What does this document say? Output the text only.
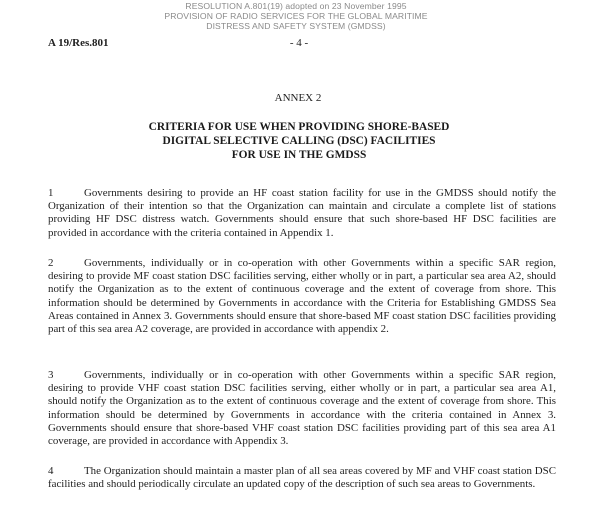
RESOLUTION A.801(19) adopted on 23 November 1995
PROVISION OF RADIO SERVICES FOR THE GLOBAL MARITIME
DISTRESS AND SAFETY SYSTEM (GMDSS)
A 19/Res.801	- 4 -
ANNEX 2
CRITERIA FOR USE WHEN PROVIDING SHORE-BASED
DIGITAL SELECTIVE CALLING (DSC) FACILITIES
FOR USE IN THE GMDSS
1	Governments desiring to provide an HF coast station facility for use in the GMDSS should notify the Organization of their intention so that the Organization can maintain and circulate a complete list of stations providing HF DSC distress watch. Governments should ensure that such shore-based HF DSC facilities are provided in accordance with the criteria contained in Appendix 1.
2	Governments, individually or in co-operation with other Governments within a specific SAR region, desiring to provide MF coast station DSC facilities serving, either wholly or in part, a particular sea area A2, should notify the Organization as to the extent of continuous coverage and the extent of coverage from shore. This information should be determined by Governments in accordance with the Criteria for Establishing GMDSS Sea Areas contained in Annex 3. Governments should ensure that shore-based MF coast station DSC facilities providing part of this sea area A2 coverage, are provided in accordance with appendix 2.
3	Governments, individually or in co-operation with other Governments within a specific SAR region, desiring to provide VHF coast station DSC facilities serving, either wholly or in part, a particular sea area A1, should notify the Organization as to the extent of continuous coverage and the extent of coverage from shore. This information should be determined by Governments in accordance with the criteria contained in Annex 3. Governments should ensure that shore-based VHF coast station DSC facilities providing part of this sea area A1 coverage, are provided in accordance with Appendix 3.
4	The Organization should maintain a master plan of all sea areas covered by MF and VHF coast station DSC facilities and should periodically circulate an updated copy of the description of such sea areas to Governments.
